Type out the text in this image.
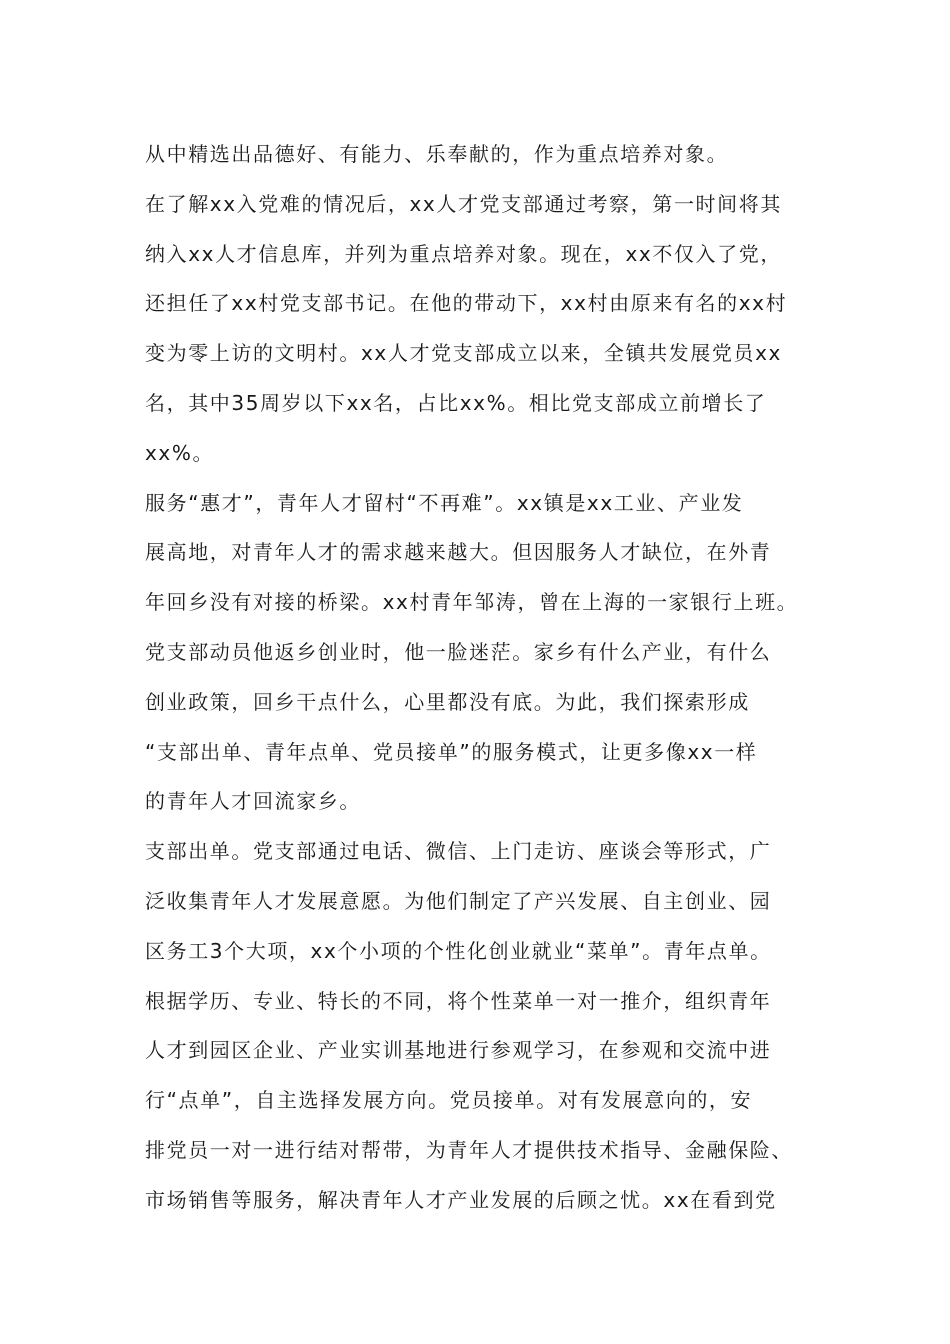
从中精选出品德好、有能力、乐奉献的，作为重点培养对象。
在了解xx入党难的情况后，xx人才党支部通过考察，第一时间将其
纳入xx人才信息库，并列为重点培养对象。现在，xx不仅入了党，
还担任了xx村党支部书记。在他的带动下，xx村由原来有名的xx村
变为零上访的文明村。xx人才党支部成立以来，全镇共发展党员xx
名，其中35周岁以下xx名，占比xx%。相比党支部成立前增长了
xx%。
服务“惠才”，青年人才留村“不再难”。xx镇是xx工业、产业发
展高地，对青年人才的需求越来越大。但因服务人才缺位，在外青
年回乡没有对接的桥梁。xx村青年邹涛，曾在上海的一家银行上班。
党支部动员他返乡创业时，他一脸迷茫。家乡有什么产业，有什么
创业政策，回乡干点什么，心里都没有底。为此，我们探索形成
“支部出单、青年点单、党员接单”的服务模式，让更多像xx一样
的青年人才回流家乡。
支部出单。党支部通过电话、微信、上门走访、座谈会等形式，广
泛收集青年人才发展意愿。为他们制定了产兴发展、自主创业、园
区务工3个大项，xx个小项的个性化创业就业“菜单”。青年点单。
根据学历、专业、特长的不同，将个性菜单一对一推介，组织青年
人才到园区企业、产业实训基地进行参观学习，在参观和交流中进
行“点单”，自主选择发展方向。党员接单。对有发展意向的，安
排党员一对一进行结对帮带，为青年人才提供技术指导、金融保险、
市场销售等服务，解决青年人才产业发展的后顾之忧。xx在看到党
